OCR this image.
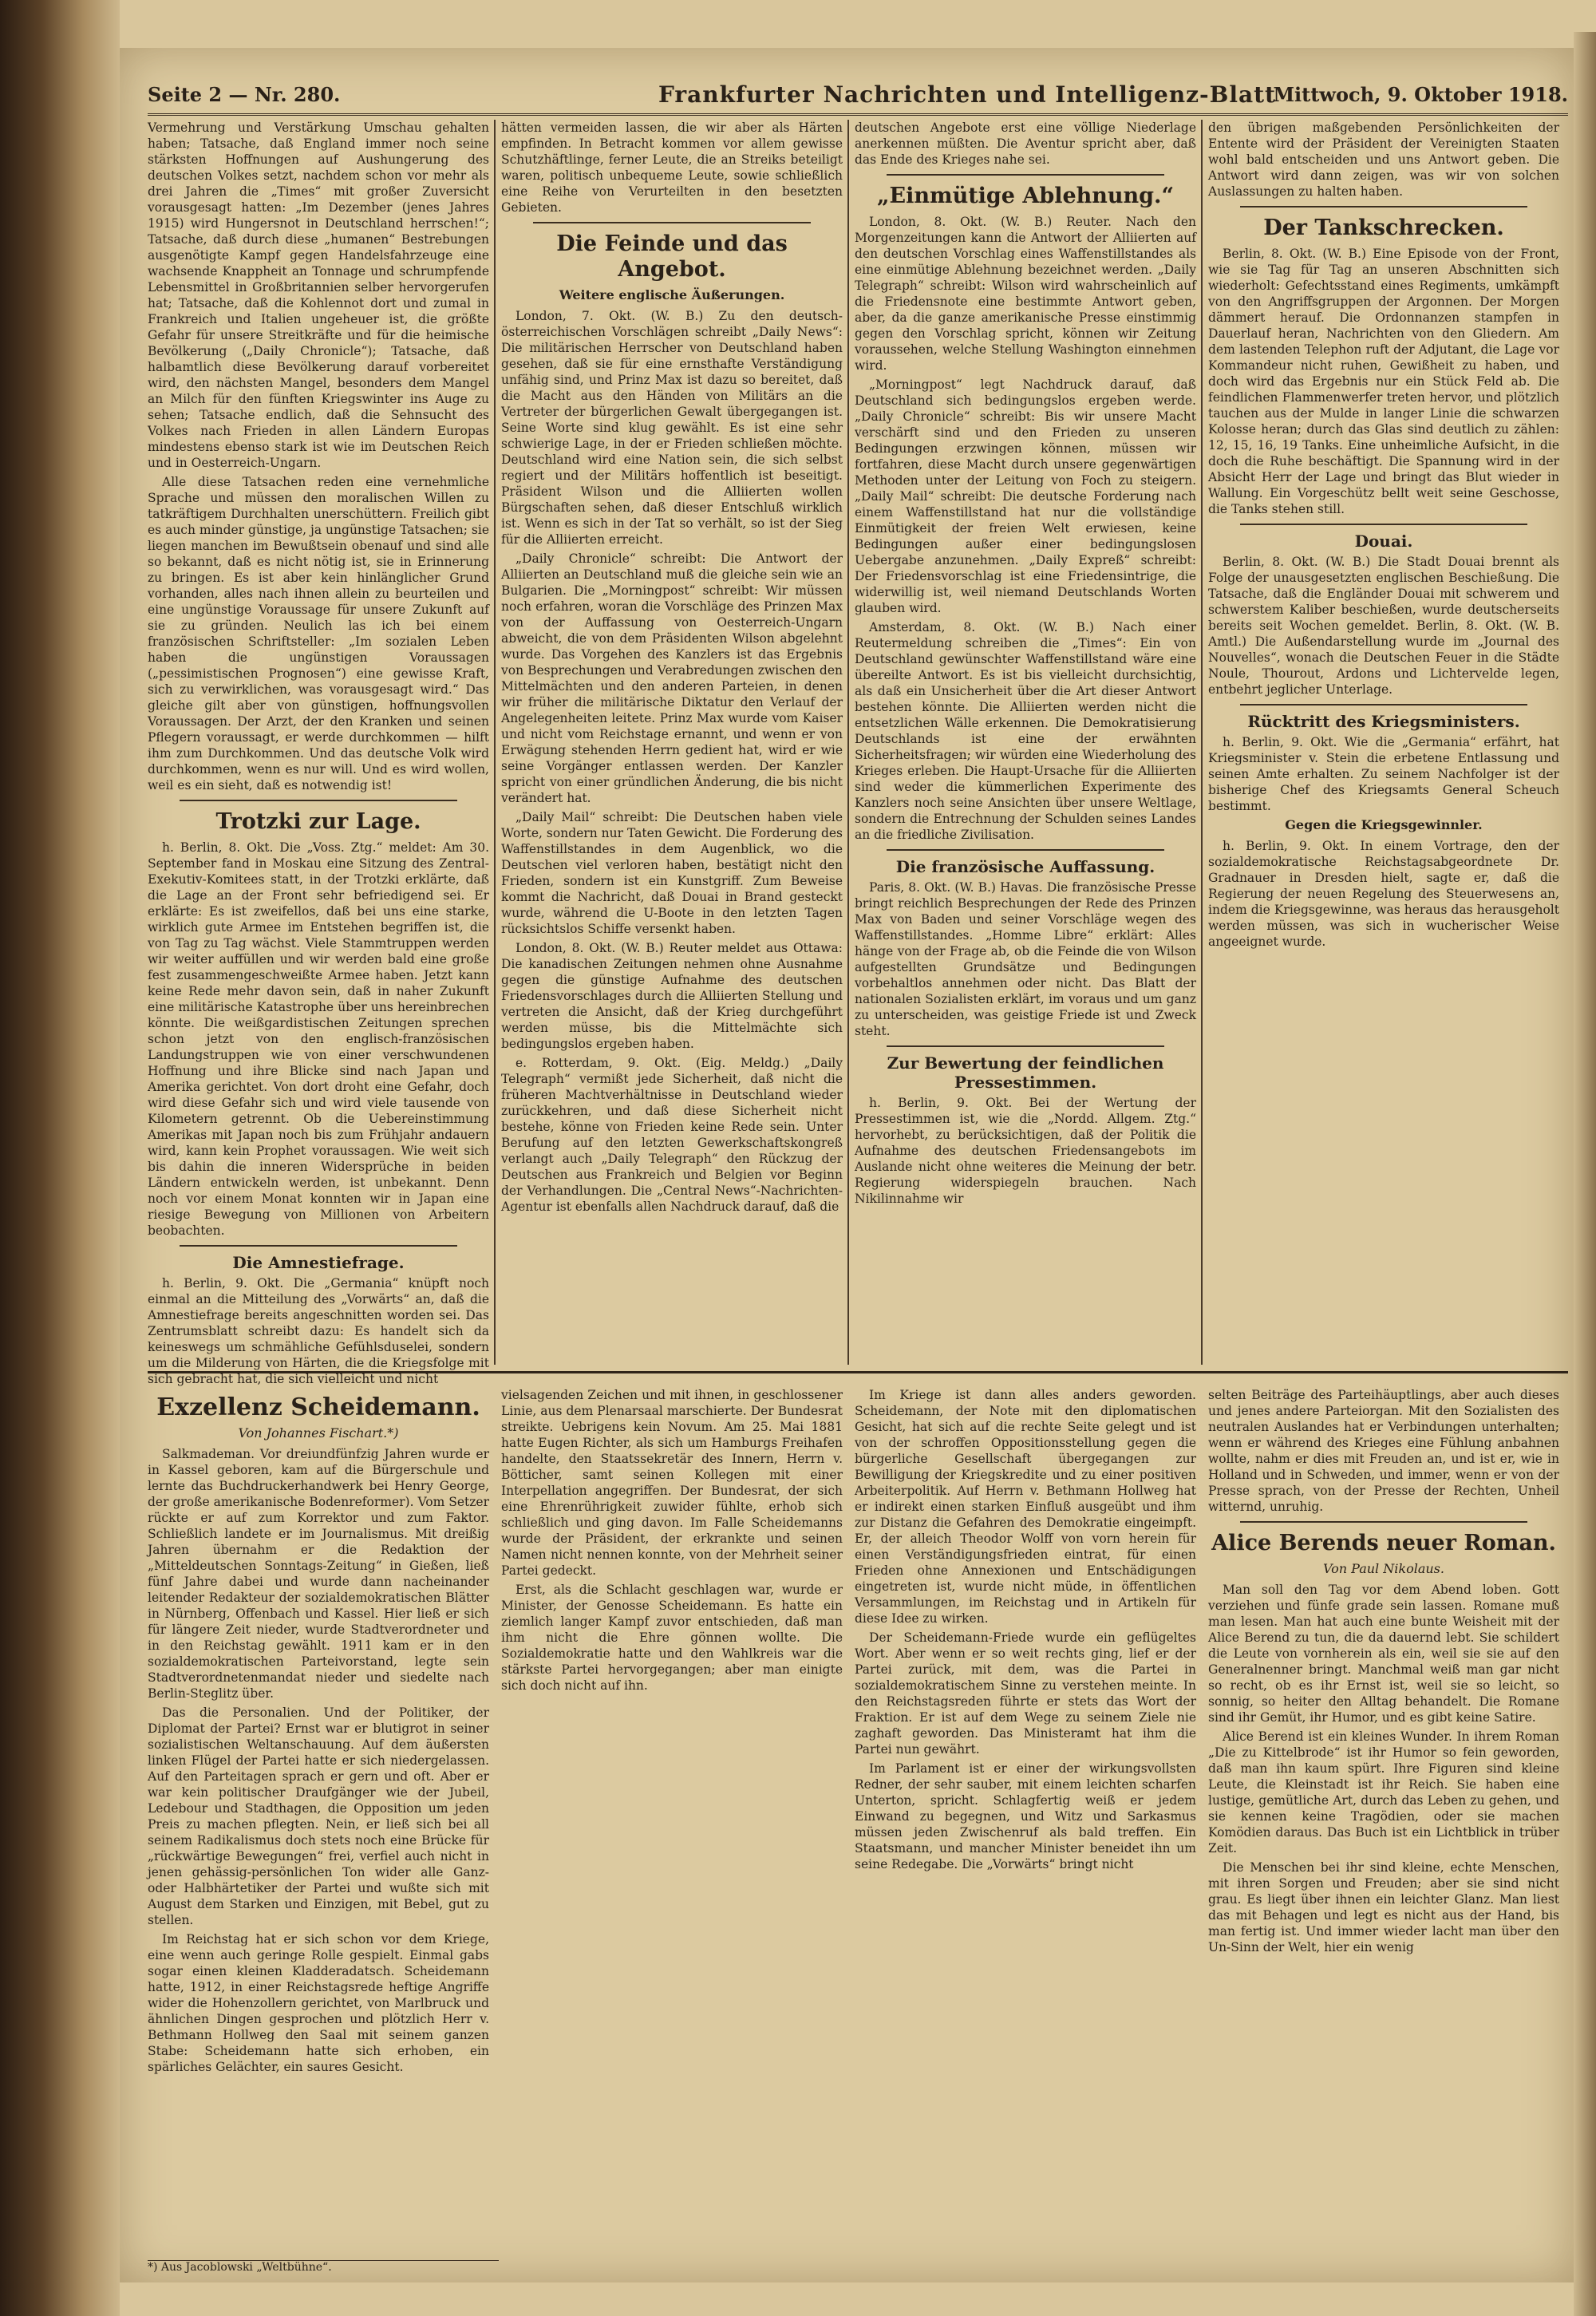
Seite 2 — Nr. 280.	Frankfurter Nachrichten und Intelligenz-Blatt
Mittwoch, 9. Oktober 1918.

Vermehrung und Verstärkung Umschau gehalten haben; Tatsache, daß England immer noch seine stärksten Hoffnungen auf Aushungerung des deutschen Volkes setzt, nachdem schon vor mehr als drei Jahren die „Times“ mit großer Zuversicht vorausgesagt hatten: „Im Dezember (jenes Jahres 1915) wird Hungersnot in Deutschland herrschen!“; Tatsache, daß durch diese „humanen“ Bestrebungen ausgenötigte Kampf gegen Handelsfahrzeuge eine wachsende Knappheit an Tonnage und schrumpfende Lebensmittel in Großbritannien selber hervorgerufen hat; Tatsache, daß die Kohlennot dort und zumal in Frankreich und Italien ungeheuer ist, die größte Gefahr für unsere Streitkräfte und für die heimische Bevölkerung („Daily Chronicle“); Tatsache, daß halbamtlich diese Bevölkerung darauf vorbereitet wird, den nächsten Mangel, besonders dem Mangel an Milch für den fünften Kriegswinter ins Auge zu sehen; Tatsache endlich, daß die Sehnsucht des Volkes nach Frieden in allen Ländern Europas mindestens ebenso stark ist wie im Deutschen Reich und in Oesterreich-Ungarn.

Alle diese Tatsachen reden eine vernehmliche Sprache und müssen den moralischen Willen zu tatkräftigem Durchhalten unerschüttern. Freilich gibt es auch minder günstige, ja ungünstige Tatsachen; sie liegen manchen im Bewußtsein obenauf und sind alle so bekannt, daß es nicht nötig ist, sie in Erinnerung zu bringen. Es ist aber kein hinlänglicher Grund vorhanden, alles nach ihnen allein zu beurteilen und eine ungünstige Voraussage für unsere Zukunft auf sie zu gründen. Neulich las ich bei einem französischen Schriftsteller: „Im sozialen Leben haben die ungünstigen Voraussagen („pessimistischen Prognosen“) eine gewisse Kraft, sich zu verwirklichen, was vorausgesagt wird.“ Das gleiche gilt aber von günstigen, hoffnungsvollen Voraussagen. Der Arzt, der den Kranken und seinen Pflegern voraussagt, er werde durchkommen — hilft ihm zum Durchkommen. Und das deutsche Volk wird durchkommen, wenn es nur will. Und es wird wollen, weil es ein sieht, daß es notwendig ist!

Trotzki zur Lage.

h. Berlin, 8. Okt. Die „Voss. Ztg.“ meldet: Am 30. September fand in Moskau eine Sitzung des Zentral-Exekutiv-Komitees statt, in der Trotzki erklärte, daß die Lage an der Front sehr befriedigend sei. Er erklärte: Es ist zweifellos, daß bei uns eine starke, wirklich gute Armee im Entstehen begriffen ist, die von Tag zu Tag wächst. Viele Stammtruppen werden wir weiter auffüllen und wir werden bald eine große fest zusammengeschweißte Armee haben. Jetzt kann keine Rede mehr davon sein, daß in naher Zukunft eine militärische Katastrophe über uns hereinbrechen könnte. Die weißgardistischen Zeitungen sprechen schon jetzt von den englisch-französischen Landungstruppen wie von einer verschwundenen Hoffnung und ihre Blicke sind nach Japan und Amerika gerichtet. Von dort droht eine Gefahr, doch wird diese Gefahr sich und wird viele tausende von Kilometern getrennt. Ob die Uebereinstimmung Amerikas mit Japan noch bis zum Frühjahr andauern wird, kann kein Prophet voraussagen. Wie weit sich bis dahin die inneren Widersprüche in beiden Ländern entwickeln werden, ist unbekannt. Denn noch vor einem Monat konnten wir in Japan eine riesige Bewegung von Millionen von Arbeitern beobachten.

Die Amnestiefrage.

h. Berlin, 9. Okt. Die „Germania“ knüpft noch einmal an die Mitteilung des „Vorwärts“ an, daß die Amnestiefrage bereits angeschnitten worden sei. Das Zentrumsblatt schreibt dazu: Es handelt sich da keineswegs um schmähliche Gefühlsduselei, sondern um die Milderung von Härten, die die Kriegsfolge mit sich gebracht hat, die sich vielleicht und nicht

hätten vermeiden lassen, die wir aber als Härten empfinden. In Betracht kommen vor allem gewisse Schutzhäftlinge, ferner Leute, die an Streiks beteiligt waren, politisch unbequeme Leute, sowie schließlich eine Reihe von Verurteilten in den besetzten Gebieten.

Die Feinde und das Angebot.
Weitere englische Äußerungen.

London, 7. Okt. (W. B.) Zu den deutsch-österreichischen Vorschlägen schreibt „Daily News“: Die militärischen Herrscher von Deutschland haben gesehen, daß sie für eine ernsthafte Verständigung unfähig sind, und Prinz Max ist dazu so bereitet, daß die Macht aus den Händen von Militärs an die Vertreter der bürgerlichen Gewalt übergegangen ist. Seine Worte sind klug gewählt. Es ist eine sehr schwierige Lage, in der er Frieden schließen möchte. Deutschland wird eine Nation sein, die sich selbst regiert und der Militärs hoffentlich ist beseitigt. Präsident Wilson und die Alliierten wollen Bürgschaften sehen, daß dieser Entschluß wirklich ist. Wenn es sich in der Tat so verhält, so ist der Sieg für die Alliierten erreicht.

„Daily Chronicle“ schreibt: Die Antwort der Alliierten an Deutschland muß die gleiche sein wie an Bulgarien. Die „Morningpost“ schreibt: Wir müssen noch erfahren, woran die Vorschläge des Prinzen Max von der Auffassung von Oesterreich-Ungarn abweicht, die von dem Präsidenten Wilson abgelehnt wurde. Das Vorgehen des Kanzlers ist das Ergebnis von Besprechungen und Verabredungen zwischen den Mittelmächten und den anderen Parteien, in denen wir früher die militärische Diktatur den Verlauf der Angelegenheiten leitete. Prinz Max wurde vom Kaiser und nicht vom Reichstage ernannt, und wenn er von Erwägung stehenden Herrn gedient hat, wird er wie seine Vorgänger entlassen werden. Der Kanzler spricht von einer gründlichen Änderung, die bis nicht verändert hat.

„Daily Mail“ schreibt: Die Deutschen haben viele Worte, sondern nur Taten Gewicht. Die Forderung des Waffenstillstandes in dem Augenblick, wo die Deutschen viel verloren haben, bestätigt nicht den Frieden, sondern ist ein Kunstgriff. Zum Beweise kommt die Nachricht, daß Douai in Brand gesteckt wurde, während die U-Boote in den letzten Tagen rücksichtslos Schiffe versenkt haben.

London, 8. Okt. (W. B.) Reuter meldet aus Ottawa: Die kanadischen Zeitungen nehmen ohne Ausnahme gegen die günstige Aufnahme des deutschen Friedensvorschlages durch die Alliierten Stellung und vertreten die Ansicht, daß der Krieg durchgeführt werden müsse, bis die Mittelmächte sich bedingungslos ergeben haben.

e. Rotterdam, 9. Okt. (Eig. Meldg.) „Daily Telegraph“ vermißt jede Sicherheit, daß nicht die früheren Machtverhältnisse in Deutschland wieder zurückkehren, und daß diese Sicherheit nicht bestehe, könne von Frieden keine Rede sein. Unter Berufung auf den letzten Gewerkschaftskongreß verlangt auch „Daily Telegraph“ den Rückzug der Deutschen aus Frankreich und Belgien vor Beginn der Verhandlungen. Die „Central News“-Nachrichten-Agentur ist ebenfalls allen Nachdruck darauf, daß die

deutschen Angebote erst eine völlige Niederlage anerkennen müßten. Die Aventur spricht aber, daß das Ende des Krieges nahe sei.

„Einmütige Ablehnung.“

London, 8. Okt. (W. B.) Reuter. Nach den Morgenzeitungen kann die Antwort der Alliierten auf den deutschen Vorschlag eines Waffenstillstandes als eine einmütige Ablehnung bezeichnet werden. „Daily Telegraph“ schreibt: Wilson wird wahrscheinlich auf die Friedensnote eine bestimmte Antwort geben, aber, da die ganze amerikanische Presse einstimmig gegen den Vorschlag spricht, können wir Zeitung voraussehen, welche Stellung Washington einnehmen wird.

„Morningpost“ legt Nachdruck darauf, daß Deutschland sich bedingungslos ergeben werde. „Daily Chronicle“ schreibt: Bis wir unsere Macht verschärft sind und den Frieden zu unseren Bedingungen erzwingen können, müssen wir fortfahren, diese Macht durch unsere gegenwärtigen Methoden unter der Leitung von Foch zu steigern. „Daily Mail“ schreibt: Die deutsche Forderung nach einem Waffenstillstand hat nur die vollständige Einmütigkeit der freien Welt erwiesen, keine Bedingungen außer einer bedingungslosen Uebergabe anzunehmen. „Daily Expreß“ schreibt: Der Friedensvorschlag ist eine Friedensintrige, die widerwillig ist, weil niemand Deutschlands Worten glauben wird.

Amsterdam, 8. Okt. (W. B.) Nach einer Reutermeldung schreiben die „Times“: Ein von Deutschland gewünschter Waffenstillstand wäre eine übereilte Antwort. Es ist bis vielleicht durchsichtig, als daß ein Unsicherheit über die Art dieser Antwort bestehen könnte. Die Alliierten werden nicht die entsetzlichen Wälle erkennen. Die Demokratisierung Deutschlands ist eine der erwähnten Sicherheitsfragen; wir würden eine Wiederholung des Krieges erleben. Die Haupt-Ursache für die Alliierten sind weder die kümmerlichen Experimente des Kanzlers noch seine Ansichten über unsere Weltlage, sondern die Entrechnung der Schulden seines Landes an die friedliche Zivilisation.

Die französische Auffassung.

Paris, 8. Okt. (W. B.) Havas. Die französische Presse bringt reichlich Besprechungen der Rede des Prinzen Max von Baden und seiner Vorschläge wegen des Waffenstillstandes. „Homme Libre“ erklärt: Alles hänge von der Frage ab, ob die Feinde die von Wilson aufgestellten Grundsätze und Bedingungen vorbehaltlos annehmen oder nicht. Das Blatt der nationalen Sozialisten erklärt, im voraus und um ganz zu unterscheiden, was geistige Friede ist und Zweck steht.

Zur Bewertung der feindlichen Pressestimmen.

h. Berlin, 9. Okt. Bei der Wertung der Pressestimmen ist, wie die „Nordd. Allgem. Ztg.“ hervorhebt, zu berücksichtigen, daß der Politik die Aufnahme des deutschen Friedensangebots im Auslande nicht ohne weiteres die Meinung der betr. Regierung widerspiegeln brauchen. Nach Nikilinnahme wir

den übrigen maßgebenden Persönlichkeiten der Entente wird der Präsident der Vereinigten Staaten wohl bald entscheiden und uns Antwort geben. Die Antwort wird dann zeigen, was wir von solchen Auslassungen zu halten haben.

Der Tankschrecken.

Berlin, 8. Okt. (W. B.) Eine Episode von der Front, wie sie Tag für Tag an unseren Abschnitten sich wiederholt: Gefechtsstand eines Regiments, umkämpft von den Angriffsgruppen der Argonnen. Der Morgen dämmert herauf. Die Ordonnanzen stampfen in Dauerlauf heran, Nachrichten von den Gliedern. Am dem lastenden Telephon ruft der Adjutant, die Lage vor Kommandeur nicht ruhen, Gewißheit zu haben, und doch wird das Ergebnis nur ein Stück Feld ab. Die feindlichen Flammenwerfer treten hervor, und plötzlich tauchen aus der Mulde in langer Linie die schwarzen Kolosse heran; durch das Glas sind deutlich zu zählen: 12, 15, 16, 19 Tanks. Eine unheimliche Aufsicht, in die doch die Ruhe beschäftigt. Die Spannung wird in der Absicht Herr der Lage und bringt das Blut wieder in Wallung. Ein Vorgeschütz bellt weit seine Geschosse, die Tanks stehen still.

Douai.

Berlin, 8. Okt. (W. B.) Die Stadt Douai brennt als Folge der unausgesetzten englischen Beschießung. Die Tatsache, daß die Engländer Douai mit schwerem und schwerstem Kaliber beschießen, wurde deutscherseits bereits seit Wochen gemeldet. Berlin, 8. Okt. (W. B. Amtl.) Die Außendarstellung wurde im „Journal des Nouvelles“, wonach die Deutschen Feuer in die Städte Noule, Thourout, Ardons und Lichtervelde legen, entbehrt jeglicher Unterlage.

Rücktritt des Kriegsministers.

h. Berlin, 9. Okt. Wie die „Germania“ erfährt, hat Kriegsminister v. Stein die erbetene Entlassung und seinen Amte erhalten. Zu seinem Nachfolger ist der bisherige Chef des Kriegsamts General Scheuch bestimmt.

Gegen die Kriegsgewinnler.

h. Berlin, 9. Okt. In einem Vortrage, den der sozialdemokratische Reichstagsabgeordnete Dr. Gradnauer in Dresden hielt, sagte er, daß die Regierung der neuen Regelung des Steuerwesens an, indem die Kriegsgewinne, was heraus das herausgeholt werden müssen, was sich in wucherischer Weise angeeignet wurde.

Exzellenz Scheidemann.
Von Johannes Fischart.*)

Salkmademan. Vor dreiundfünfzig Jahren wurde er in Kassel geboren, kam auf die Bürgerschule und lernte das Buchdruckerhandwerk bei Henry George, der große amerikanische Bodenreformer). Vom Setzer rückte er auf zum Korrektor und zum Faktor. Schließlich landete er im Journalismus. Mit dreißig Jahren übernahm er die Redaktion der „Mitteldeutschen Sonntags-Zeitung“ in Gießen, ließ fünf Jahre dabei und wurde dann nacheinander leitender Redakteur der sozialdemokratischen Blätter in Nürnberg, Offenbach und Kassel. Hier ließ er sich für längere Zeit nieder, wurde Stadtverordneter und in den Reichstag gewählt. 1911 kam er in den sozialdemokratischen Parteivorstand, legte sein Stadtverordnetenmandat nieder und siedelte nach Berlin-Steglitz über.

Das die Personalien. Und der Politiker, der Diplomat der Partei? Ernst war er blutigrot in seiner sozialistischen Weltanschauung. Auf dem äußersten linken Flügel der Partei hatte er sich niedergelassen. Auf den Parteitagen sprach er gern und oft. Aber er war kein politischer Draufgänger wie der Jubeil, Ledebour und Stadthagen, die Opposition um jeden Preis zu machen pflegten. Nein, er ließ sich bei all seinem Radikalismus doch stets noch eine Brücke für „rückwärtige Bewegungen“ frei, verfiel auch nicht in jenen gehässig-persönlichen Ton wider alle Ganz- oder Halbhärtetiker der Partei und wußte sich mit August dem Starken und Einzigen, mit Bebel, gut zu stellen.

Im Reichstag hat er sich schon vor dem Kriege, eine wenn auch geringe Rolle gespielt. Einmal gabs sogar einen kleinen Kladderadatsch. Scheidemann hatte, 1912, in einer Reichstagsrede heftige Angriffe wider die Hohenzollern gerichtet, von Marlbruck und ähnlichen Dingen gesprochen und plötzlich Herr v. Bethmann Hollweg den Saal mit seinem ganzen Stabe: Scheidemann hatte sich erhoben, ein spärliches Gelächter, ein saures Gesicht.

vielsagenden Zeichen und mit ihnen, in geschlossener Linie, aus dem Plenarsaal marschierte. Der Bundesrat streikte. Uebrigens kein Novum. Am 25. Mai 1881 hatte Eugen Richter, als sich um Hamburgs Freihafen handelte, den Staatssekretär des Innern, Herrn v. Bötticher, samt seinen Kollegen mit einer Interpellation angegriffen. Der Bundesrat, der sich eine Ehrenrührigkeit zuwider fühlte, erhob sich schließlich und ging davon. Im Falle Scheidemanns wurde der Präsident, der erkrankte und seinen Namen nicht nennen konnte, von der Mehrheit seiner Partei gedeckt.

Erst, als die Schlacht geschlagen war, wurde er Minister, der Genosse Scheidemann. Es hatte ein ziemlich langer Kampf zuvor entschieden, daß man ihm nicht die Ehre gönnen wollte. Die Sozialdemokratie hatte und den Wahlkreis war die stärkste Partei hervorgegangen; aber man einigte sich doch nicht auf ihn.

Im Kriege ist dann alles anders geworden. Scheidemann, der Note mit den diplomatischen Gesicht, hat sich auf die rechte Seite gelegt und ist von der schroffen Oppositionsstellung gegen die bürgerliche Gesellschaft übergegangen zur Bewilligung der Kriegskredite und zu einer positiven Arbeiterpolitik. Auf Herrn v. Bethmann Hollweg hat er indirekt einen starken Einfluß ausgeübt und ihm zur Distanz die Gefahren des Demokratie eingeimpft. Er, der alleich Theodor Wolff von vorn herein für einen Verständigungsfrieden eintrat, für einen Frieden ohne Annexionen und Entschädigungen eingetreten ist, wurde nicht müde, in öffentlichen Versammlungen, im Reichstag und in Artikeln für diese Idee zu wirken.

Der Scheidemann-Friede wurde ein geflügeltes Wort. Aber wenn er so weit rechts ging, lief er der Partei zurück, mit dem, was die Partei in sozialdemokratischem Sinne zu verstehen meinte. In den Reichstagsreden führte er stets das Wort der Fraktion. Er ist auf dem Wege zu seinem Ziele nie zaghaft geworden. Das Ministeramt hat ihm die Partei nun gewährt.

Im Parlament ist er einer der wirkungsvollsten Redner, der sehr sauber, mit einem leichten scharfen Unterton, spricht. Schlagfertig weiß er jedem Einwand zu begegnen, und Witz und Sarkasmus müssen jeden Zwischenruf als bald treffen. Ein Staatsmann, und mancher Minister beneidet ihn um seine Redegabe. Die „Vorwärts“ bringt nicht

selten Beiträge des Parteihäuptlings, aber auch dieses und jenes andere Parteiorgan. Mit den Sozialisten des neutralen Auslandes hat er Verbindungen unterhalten; wenn er während des Krieges eine Fühlung anbahnen wollte, nahm er dies mit Freuden an, und ist er, wie in Holland und in Schweden, und immer, wenn er von der Presse sprach, von der Presse der Rechten, Unheil witternd, unruhig.

Alice Berends neuer Roman.
Von Paul Nikolaus.

Man soll den Tag vor dem Abend loben. Gott verziehen und fünfe grade sein lassen. Romane muß man lesen. Man hat auch eine bunte Weisheit mit der Alice Berend zu tun, die da dauernd lebt. Sie schildert die Leute von vornherein als ein, weil sie sie auf den Generalnenner bringt. Manchmal weiß man gar nicht so recht, ob es ihr Ernst ist, weil sie so leicht, so sonnig, so heiter den Alltag behandelt. Die Romane sind ihr Gemüt, ihr Humor, und es gibt keine Satire.

Alice Berend ist ein kleines Wunder. In ihrem Roman „Die zu Kittelbrode“ ist ihr Humor so fein geworden, daß man ihn kaum spürt. Ihre Figuren sind kleine Leute, die Kleinstadt ist ihr Reich. Sie haben eine lustige, gemütliche Art, durch das Leben zu gehen, und sie kennen keine Tragödien, oder sie machen Komödien daraus. Das Buch ist ein Lichtblick in trüber Zeit.

Die Menschen bei ihr sind kleine, echte Menschen, mit ihren Sorgen und Freuden; aber sie sind nicht grau. Es liegt über ihnen ein leichter Glanz. Man liest das mit Behagen und legt es nicht aus der Hand, bis man fertig ist. Und immer wieder lacht man über den Un-Sinn der Welt, hier ein wenig

*) Aus Jacoblowski „Weltbühne“.
